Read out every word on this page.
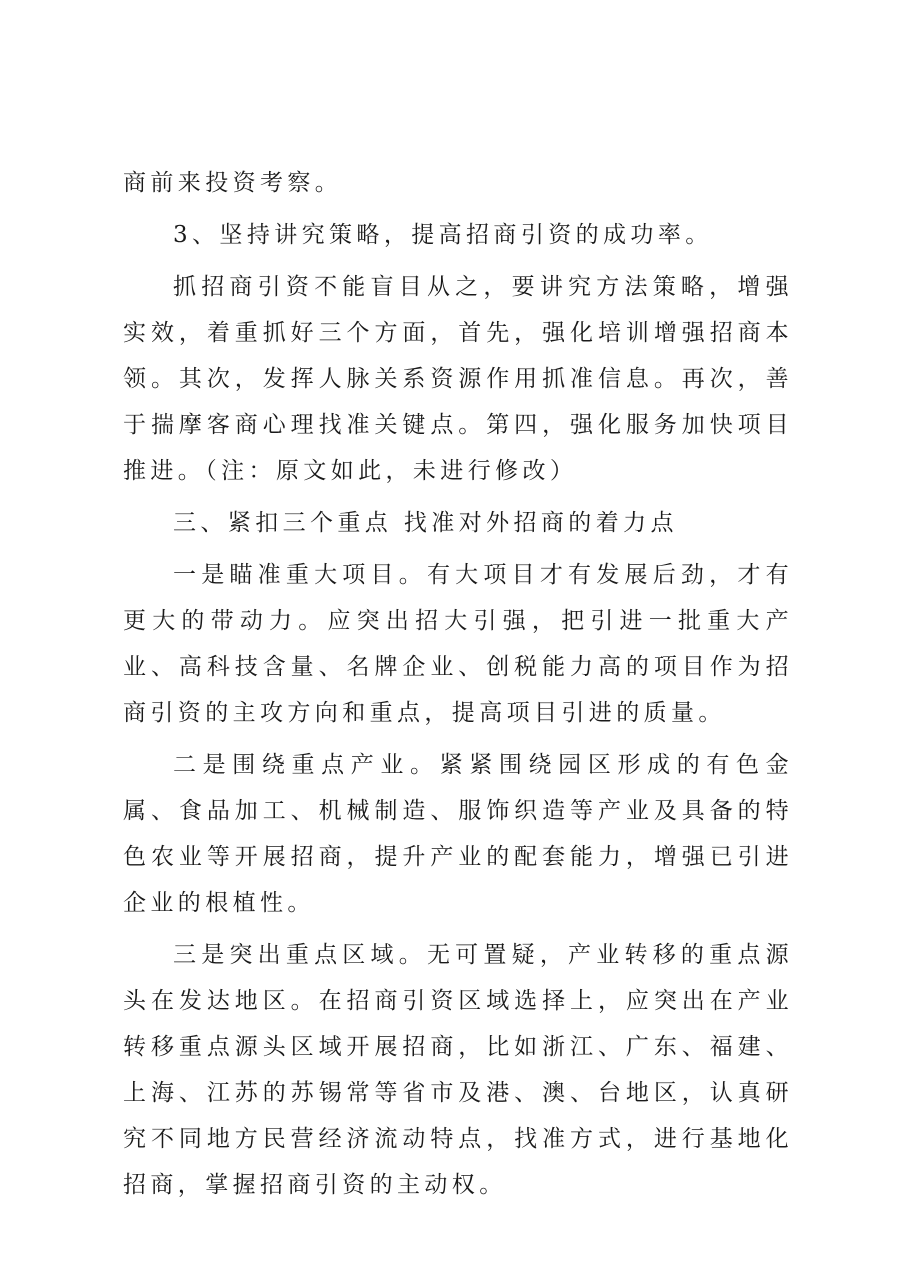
商前来投资考察。

3、坚持讲究策略，提高招商引资的成功率。

抓招商引资不能盲目从之，要讲究方法策略，增强实效，着重抓好三个方面，首先，强化培训增强招商本领。其次，发挥人脉关系资源作用抓准信息。再次，善于揣摩客商心理找准关键点。第四，强化服务加快项目推进。（注：原文如此，未进行修改）

三、紧扣三个重点 找准对外招商的着力点

一是瞄准重大项目。有大项目才有发展后劲，才有更大的带动力。应突出招大引强，把引进一批重大产业、高科技含量、名牌企业、创税能力高的项目作为招商引资的主攻方向和重点，提高项目引进的质量。

二是围绕重点产业。紧紧围绕园区形成的有色金属、食品加工、机械制造、服饰织造等产业及具备的特色农业等开展招商，提升产业的配套能力，增强已引进企业的根植性。

三是突出重点区域。无可置疑，产业转移的重点源头在发达地区。在招商引资区域选择上，应突出在产业转移重点源头区域开展招商，比如浙江、广东、福建、上海、江苏的苏锡常等省市及港、澳、台地区，认真研究不同地方民营经济流动特点，找准方式，进行基地化招商，掌握招商引资的主动权。
